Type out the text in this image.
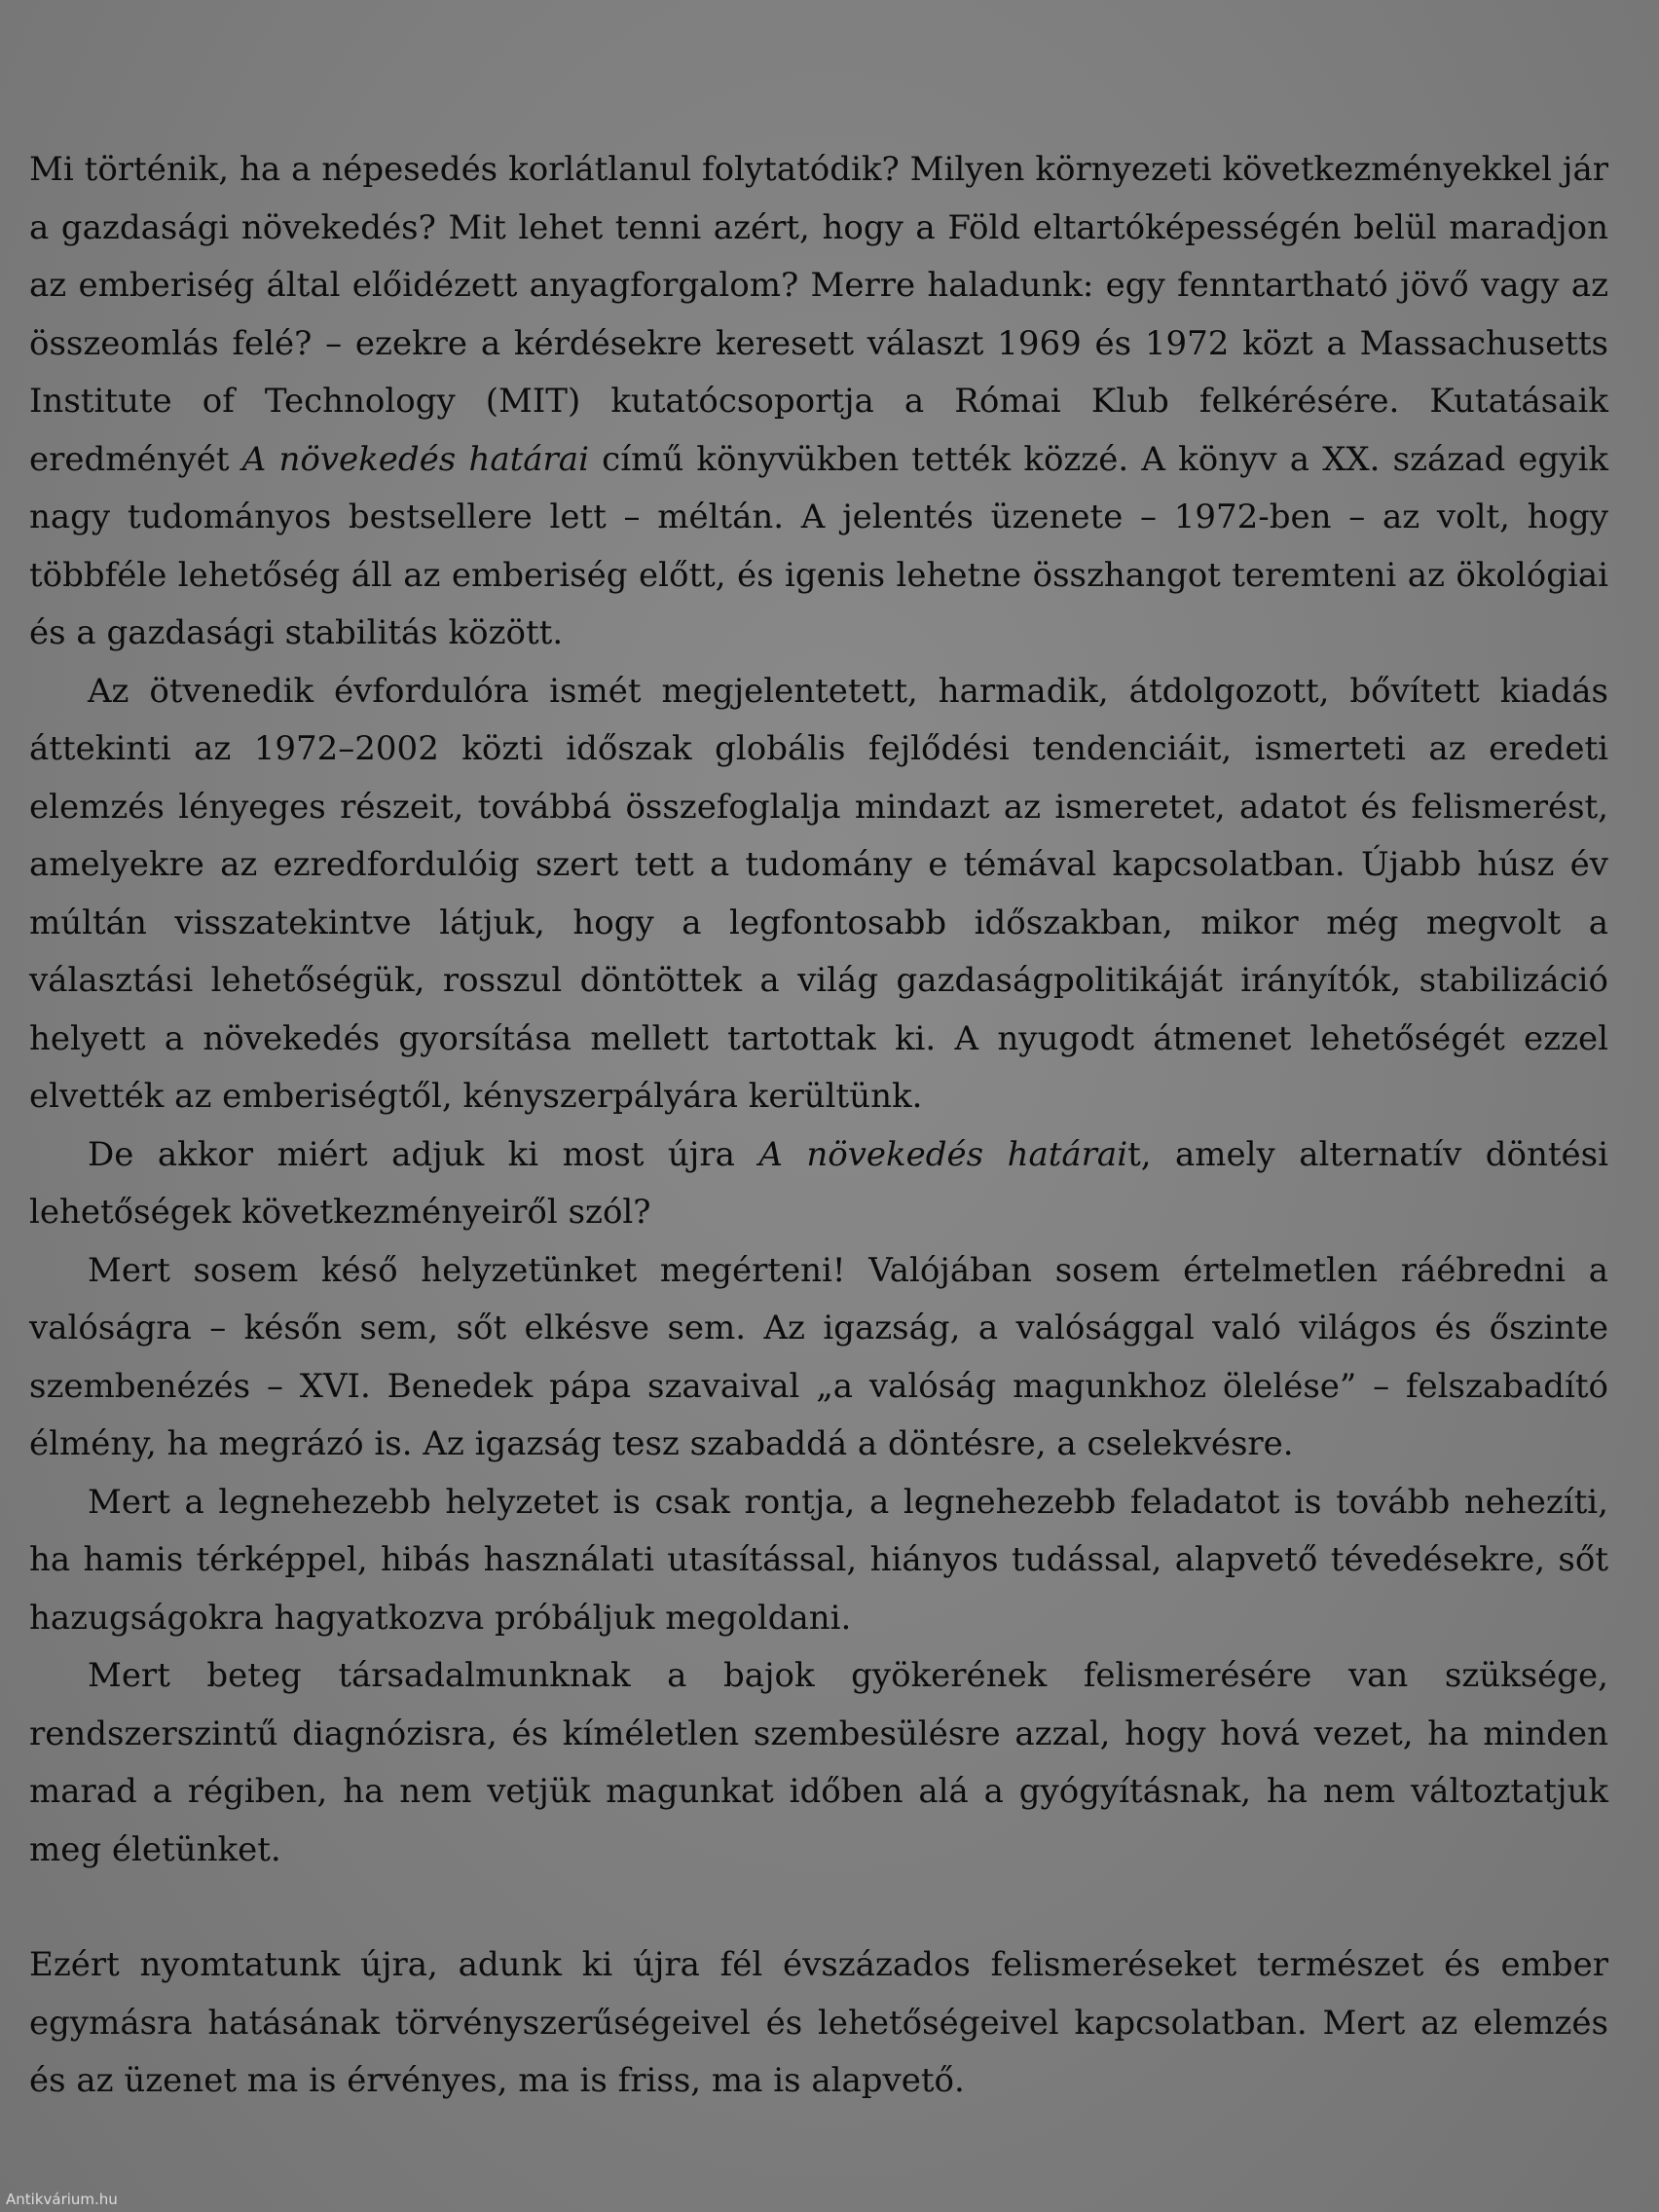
Mi történik, ha a népesedés korlátlanul folytatódik? Milyen környezeti következményekkel jár a gazdasági növekedés? Mit lehet tenni azért, hogy a Föld eltartóképességén belül maradjon az emberiség által előidézett anyagforgalom? Merre haladunk: egy fenntartható jövő vagy az összeomlás felé? – ezekre a kérdésekre keresett választ 1969 és 1972 közt a Massachusetts Institute of Technology (MIT) kutatócsoportja a Római Klub felkérésére. Kutatásaik eredményét A növekedés határai című könyvükben tették közzé. A könyv a XX. század egyik nagy tudományos bestsellere lett – méltán. A jelentés üzenete – 1972-ben – az volt, hogy többféle lehetőség áll az emberiség előtt, és igenis lehetne összhangot teremteni az ökológiai és a gazdasági stabilitás között.

Az ötvenedik évfordulóra ismét megjelentetett, harmadik, átdolgozott, bővített kiadás áttekinti az 1972–2002 közti időszak globális fejlődési tendenciáit, ismerteti az eredeti elemzés lényeges részeit, továbbá összefoglalja mindazt az ismeretet, adatot és felismerést, amelyekre az ezredfordulóig szert tett a tudomány e témával kapcsolatban. Újabb húsz év múltán visszatekintve látjuk, hogy a legfontosabb időszakban, mikor még megvolt a választási lehetőségük, rosszul döntöttek a világ gazdaságpolitikáját irányítók, stabilizáció helyett a növekedés gyorsítása mellett tartottak ki. A nyugodt átmenet lehetőségét ezzel elvették az emberiségtől, kényszerpályára kerültünk.

De akkor miért adjuk ki most újra A növekedés határait, amely alternatív döntési lehetőségek következményeiről szól?

Mert sosem késő helyzetünket megérteni! Valójában sosem értelmetlen ráébredni a valóságra – későn sem, sőt elkésve sem. Az igazság, a valósággal való világos és őszinte szembenézés – XVI. Benedek pápa szavaival „a valóság magunkhoz ölelése” – felszabadító élmény, ha megrázó is. Az igazság tesz szabaddá a döntésre, a cselekvésre.

Mert a legnehezebb helyzetet is csak rontja, a legnehezebb feladatot is tovább nehezíti, ha hamis térképpel, hibás használati utasítással, hiányos tudással, alapvető tévedésekre, sőt hazugságokra hagyatkozva próbáljuk megoldani.

Mert beteg társadalmunknak a bajok gyökerének felismerésére van szüksége, rendszerszintű diagnózisra, és kíméletlen szembesülésre azzal, hogy hová vezet, ha minden marad a régiben, ha nem vetjük magunkat időben alá a gyógyításnak, ha nem változtatjuk meg életünket.

Ezért nyomtatunk újra, adunk ki újra fél évszázados felismeréseket természet és ember egymásra hatásának törvényszerűségeivel és lehetőségeivel kapcsolatban. Mert az elemzés és az üzenet ma is érvényes, ma is friss, ma is alapvető.

Antikvárium.hu
